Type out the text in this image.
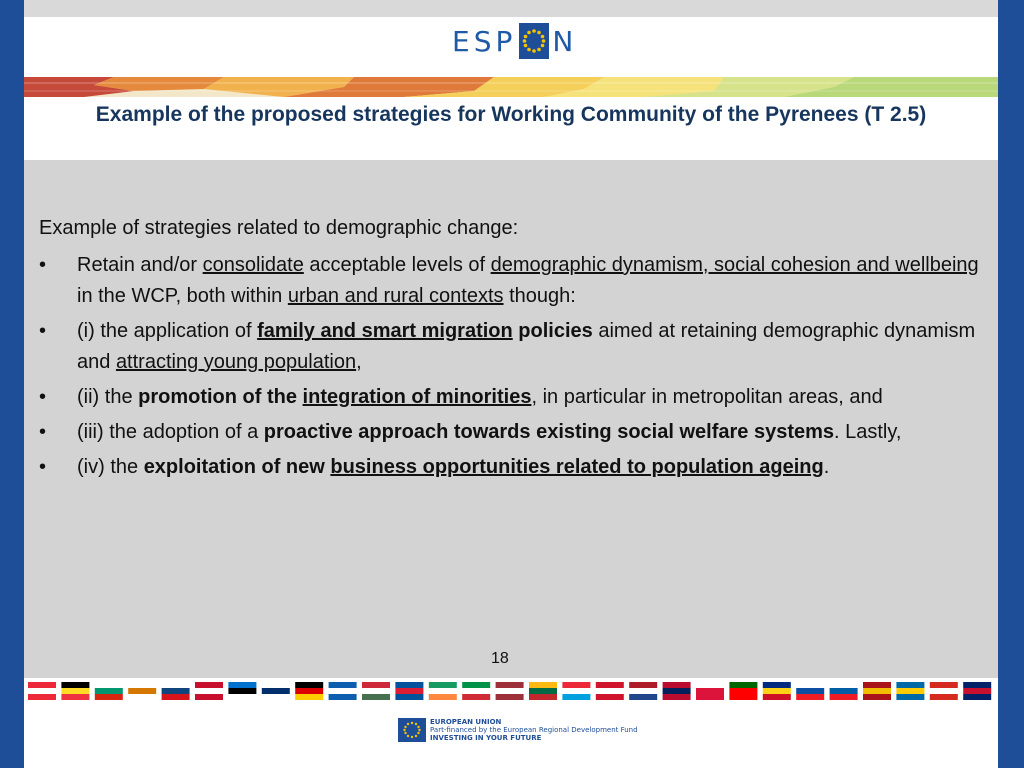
ESP N
Example of the proposed strategies for Working Community of the Pyrenees (T 2.5)

Example of strategies related to demographic change:

• Retain and/or consolidate acceptable levels of demographic dynamism, social cohesion and wellbeing in the WCP, both within urban and rural contexts though:
• (i) the application of family and smart migration policies aimed at retaining demographic dynamism and attracting young population,
• (ii) the promotion of the integration of minorities, in particular in metropolitan areas, and
• (iii) the adoption of a proactive approach towards existing social welfare systems. Lastly,
• (iv) the exploitation of new business opportunities related to population ageing.
18
EUROPEAN UNION
Part-financed by the European Regional Development Fund
INVESTING IN YOUR FUTURE
